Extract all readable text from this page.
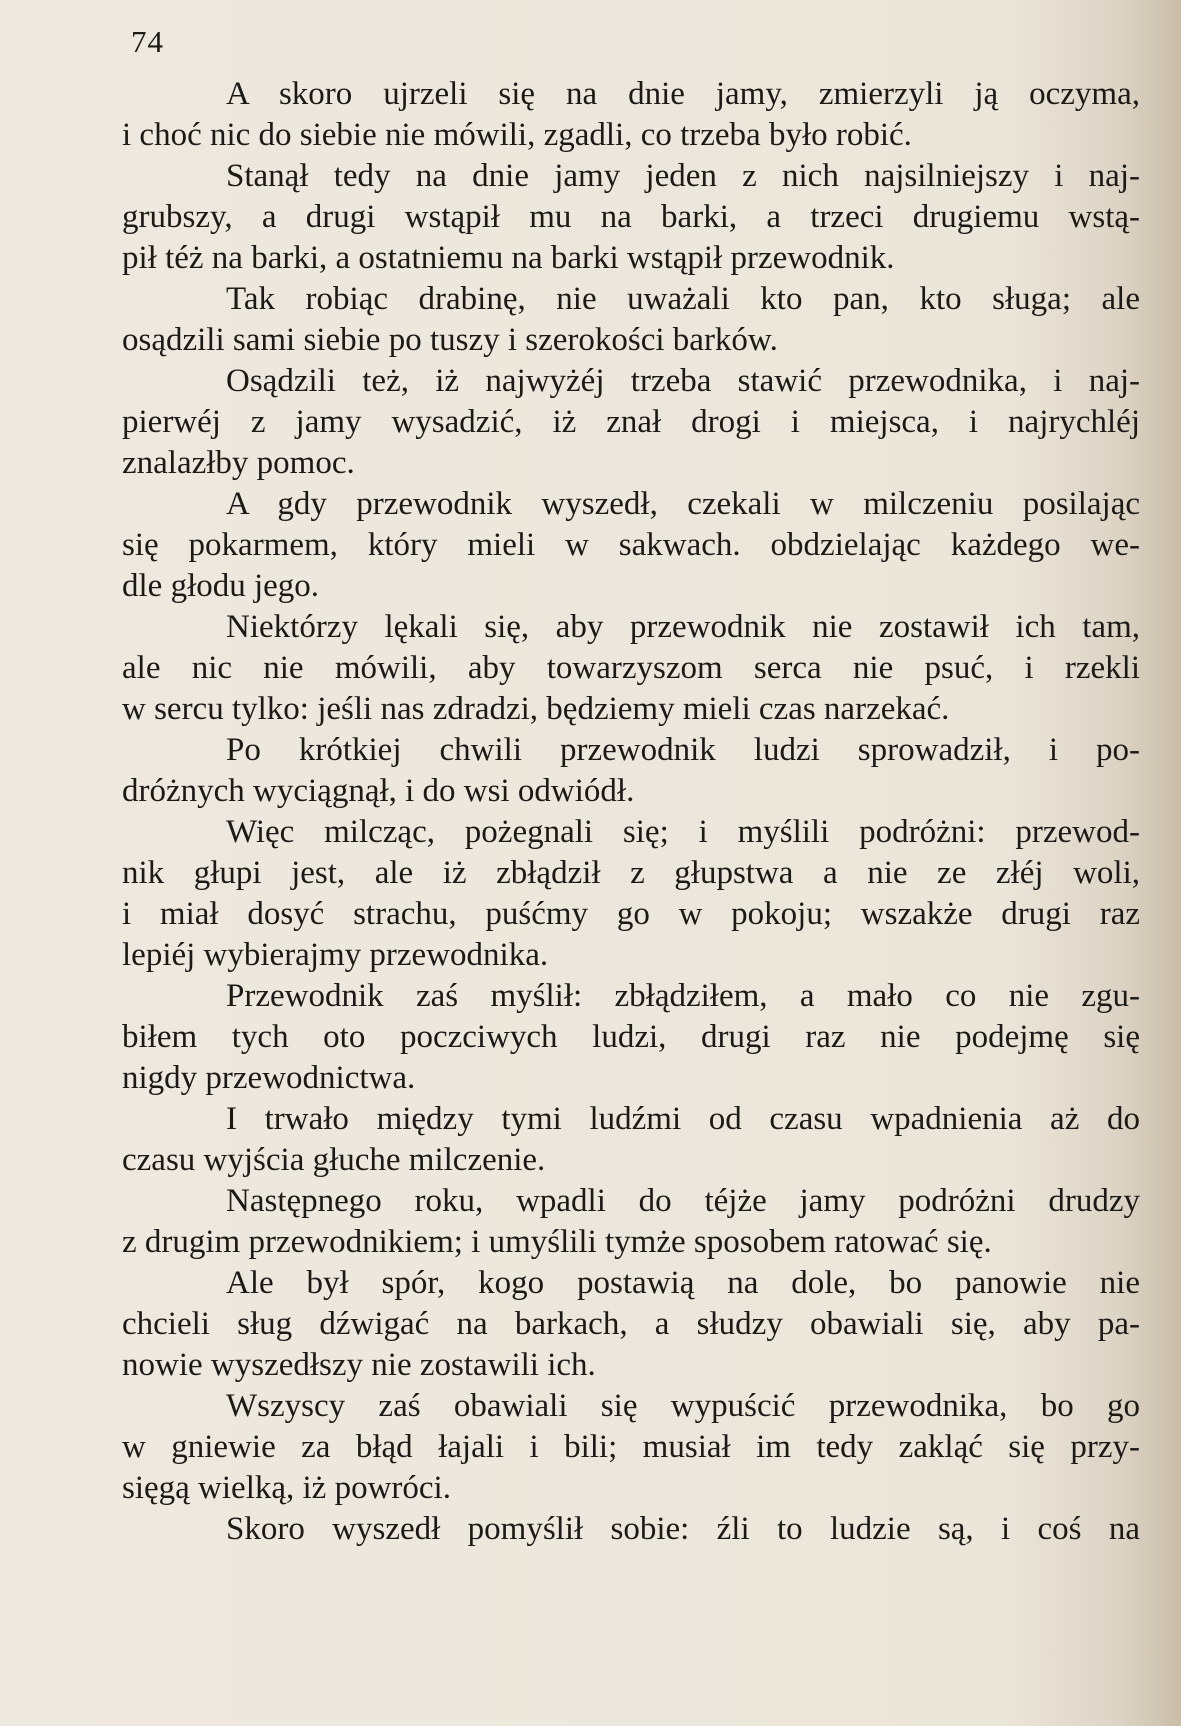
74
A skoro ujrzeli się na dnie jamy, zmierzyli ją oczyma,
i choć nic do siebie nie mówili, zgadli, co trzeba było robić.
Stanął tedy na dnie jamy jeden z nich najsilniejszy i naj-
grubszy, a drugi wstąpił mu na barki, a trzeci drugiemu wstą-
pił téż na barki, a ostatniemu na barki wstąpił przewodnik.
Tak robiąc drabinę, nie uważali kto pan, kto sługa; ale
osądzili sami siebie po tuszy i szerokości barków.
Osądzili też, iż najwyżéj trzeba stawić przewodnika, i naj-
pierwéj z jamy wysadzić, iż znał drogi i miejsca, i najrychléj
znalazłby pomoc.
A gdy przewodnik wyszedł, czekali w milczeniu posilając
się pokarmem, który mieli w sakwach. obdzielając każdego we-
dle głodu jego.
Niektórzy lękali się, aby przewodnik nie zostawił ich tam,
ale nic nie mówili, aby towarzyszom serca nie psuć, i rzekli
w sercu tylko: jeśli nas zdradzi, będziemy mieli czas narzekać.
Po krótkiej chwili przewodnik ludzi sprowadził, i po-
dróżnych wyciągnął, i do wsi odwiódł.
Więc milcząc, pożegnali się; i myślili podróżni: przewod-
nik głupi jest, ale iż zbłądził z głupstwa a nie ze złéj woli,
i miał dosyć strachu, puśćmy go w pokoju; wszakże drugi raz
lepiéj wybierajmy przewodnika.
Przewodnik zaś myślił: zbłądziłem, a mało co nie zgu-
biłem tych oto poczciwych ludzi, drugi raz nie podejmę się
nigdy przewodnictwa.
I trwało między tymi ludźmi od czasu wpadnienia aż do
czasu wyjścia głuche milczenie.
Następnego roku, wpadli do téjże jamy podróżni drudzy
z drugim przewodnikiem; i umyślili tymże sposobem ratować się.
Ale był spór, kogo postawią na dole, bo panowie nie
chcieli sług dźwigać na barkach, a słudzy obawiali się, aby pa-
nowie wyszedłszy nie zostawili ich.
Wszyscy zaś obawiali się wypuścić przewodnika, bo go
w gniewie za błąd łajali i bili; musiał im tedy zakląć się przy-
sięgą wielką, iż powróci.
Skoro wyszedł pomyślił sobie: źli to ludzie są, i coś na
